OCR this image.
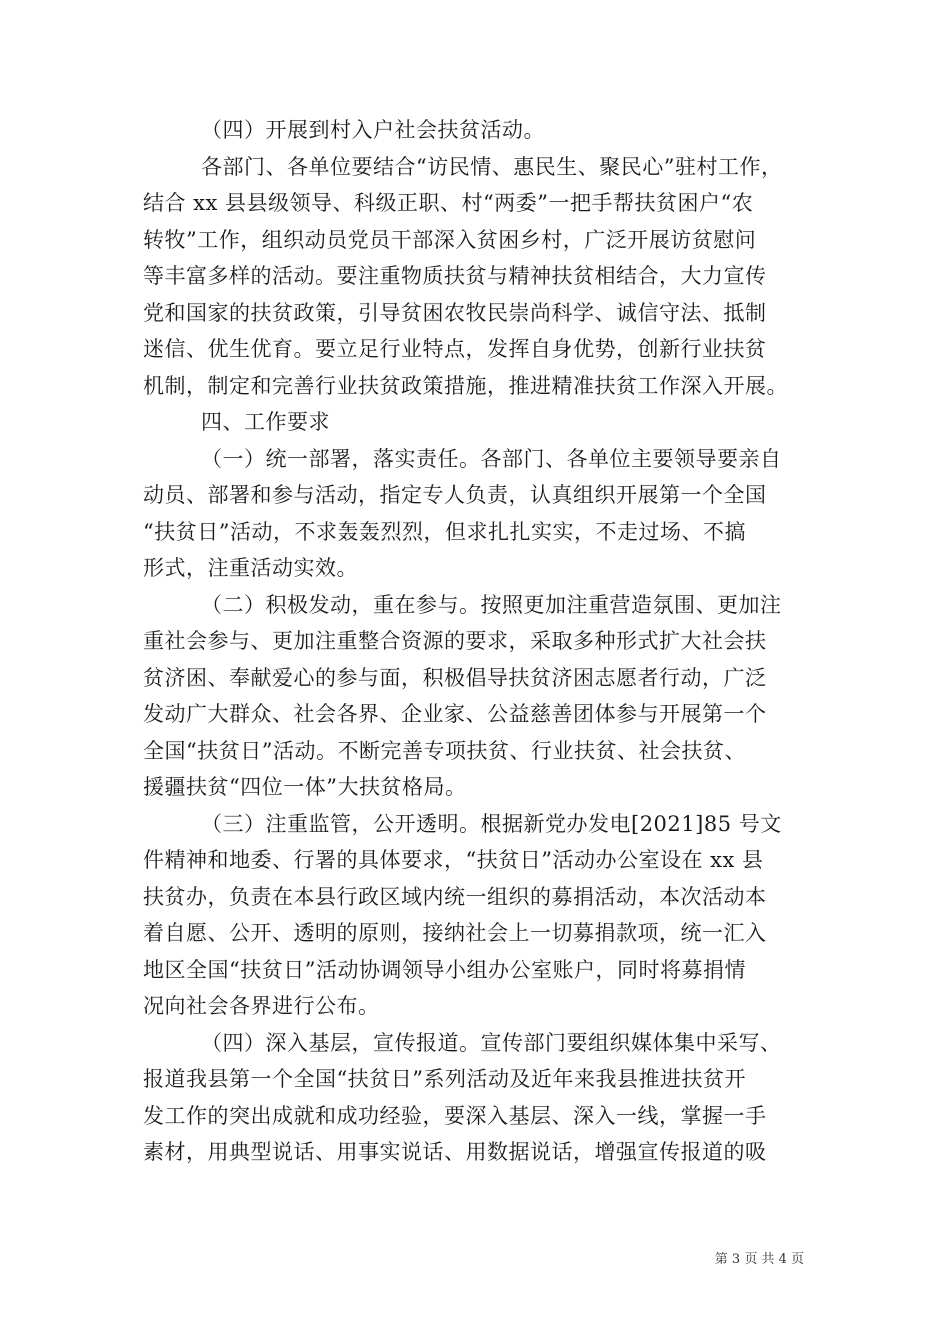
（四）开展到村入户社会扶贫活动。
各部门、各单位要结合“访民情、惠民生、聚民心”驻村工作，
结合 xx 县县级领导、科级正职、村“两委”一把手帮扶贫困户“农
转牧”工作，组织动员党员干部深入贫困乡村，广泛开展访贫慰问
等丰富多样的活动。要注重物质扶贫与精神扶贫相结合，大力宣传
党和国家的扶贫政策，引导贫困农牧民崇尚科学、诚信守法、抵制
迷信、优生优育。要立足行业特点，发挥自身优势，创新行业扶贫
机制，制定和完善行业扶贫政策措施，推进精准扶贫工作深入开展。
四、工作要求
（一）统一部署，落实责任。各部门、各单位主要领导要亲自
动员、部署和参与活动，指定专人负责，认真组织开展第一个全国
“扶贫日”活动，不求轰轰烈烈，但求扎扎实实，不走过场、不搞
形式，注重活动实效。
（二）积极发动，重在参与。按照更加注重营造氛围、更加注
重社会参与、更加注重整合资源的要求，采取多种形式扩大社会扶
贫济困、奉献爱心的参与面，积极倡导扶贫济困志愿者行动，广泛
发动广大群众、社会各界、企业家、公益慈善团体参与开展第一个
全国“扶贫日”活动。不断完善专项扶贫、行业扶贫、社会扶贫、
援疆扶贫“四位一体”大扶贫格局。
（三）注重监管，公开透明。根据新党办发电[2021]85 号文
件精神和地委、行署的具体要求，“扶贫日”活动办公室设在 xx 县
扶贫办，负责在本县行政区域内统一组织的募捐活动，本次活动本
着自愿、公开、透明的原则，接纳社会上一切募捐款项，统一汇入
地区全国“扶贫日”活动协调领导小组办公室账户，同时将募捐情
况向社会各界进行公布。
（四）深入基层，宣传报道。宣传部门要组织媒体集中采写、
报道我县第一个全国“扶贫日”系列活动及近年来我县推进扶贫开
发工作的突出成就和成功经验，要深入基层、深入一线，掌握一手
素材，用典型说话、用事实说话、用数据说话，增强宣传报道的吸
第 3 页 共 4 页
